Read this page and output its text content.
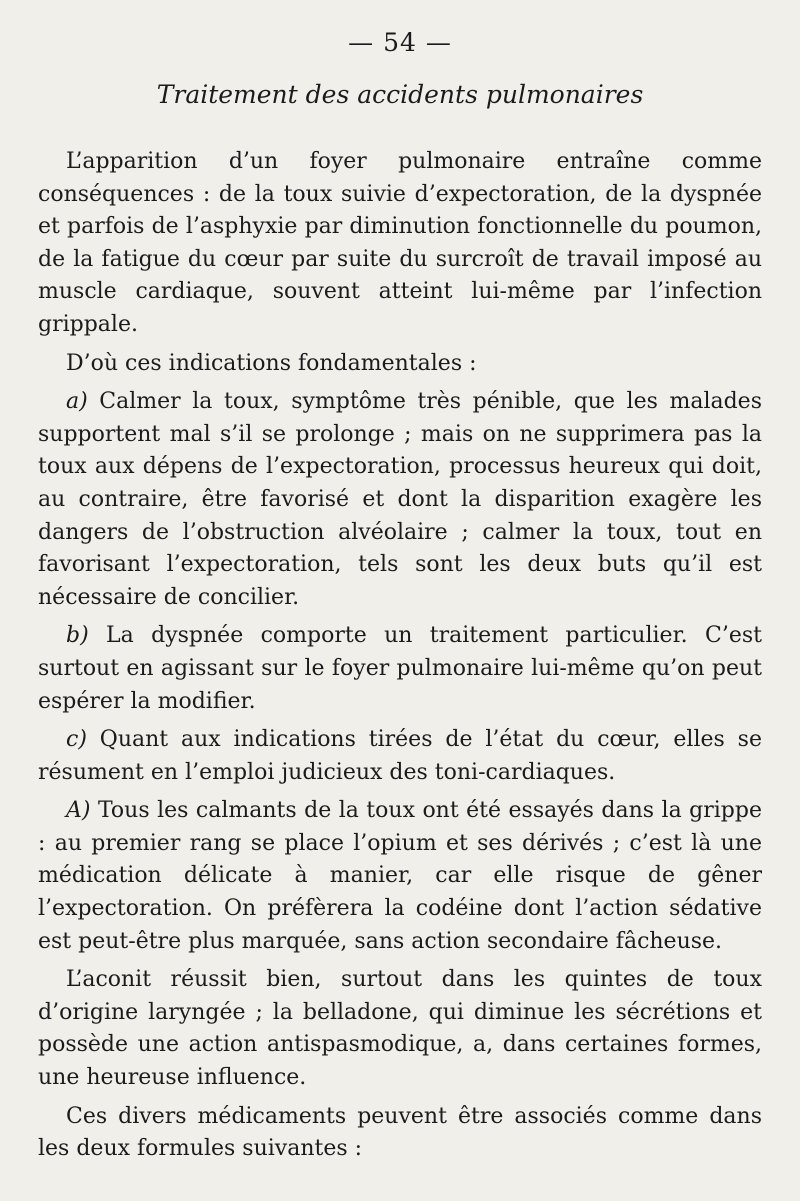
— 54 —
Traitement des accidents pulmonaires

L’apparition d’un foyer pulmonaire entraîne comme conséquences : de la toux suivie d’expectoration, de la dyspnée et parfois de l’asphyxie par diminution fonctionnelle du poumon, de la fatigue du cœur par suite du surcroît de travail imposé au muscle cardiaque, souvent atteint lui-même par l’infection grippale.

D’où ces indications fondamentales :

a) Calmer la toux, symptôme très pénible, que les malades supportent mal s’il se prolonge ; mais on ne supprimera pas la toux aux dépens de l’expectoration, processus heureux qui doit, au contraire, être favorisé et dont la disparition exagère les dangers de l’obstruction alvéolaire ; calmer la toux, tout en favorisant l’expectoration, tels sont les deux buts qu’il est nécessaire de concilier.

b) La dyspnée comporte un traitement particulier. C’est surtout en agissant sur le foyer pulmonaire lui-même qu’on peut espérer la modifier.

c) Quant aux indications tirées de l’état du cœur, elles se résument en l’emploi judicieux des toni-cardiaques.

A) Tous les calmants de la toux ont été essayés dans la grippe : au premier rang se place l’opium et ses dérivés ; c’est là une médication délicate à manier, car elle risque de gêner l’expectoration. On préfèrera la codéine dont l’action sédative est peut-être plus marquée, sans action secondaire fâcheuse.

L’aconit réussit bien, surtout dans les quintes de toux d’origine laryngée ; la belladone, qui diminue les sécrétions et possède une action antispasmodique, a, dans certaines formes, une heureuse influence.

Ces divers médicaments peuvent être associés comme dans les deux formules suivantes :
